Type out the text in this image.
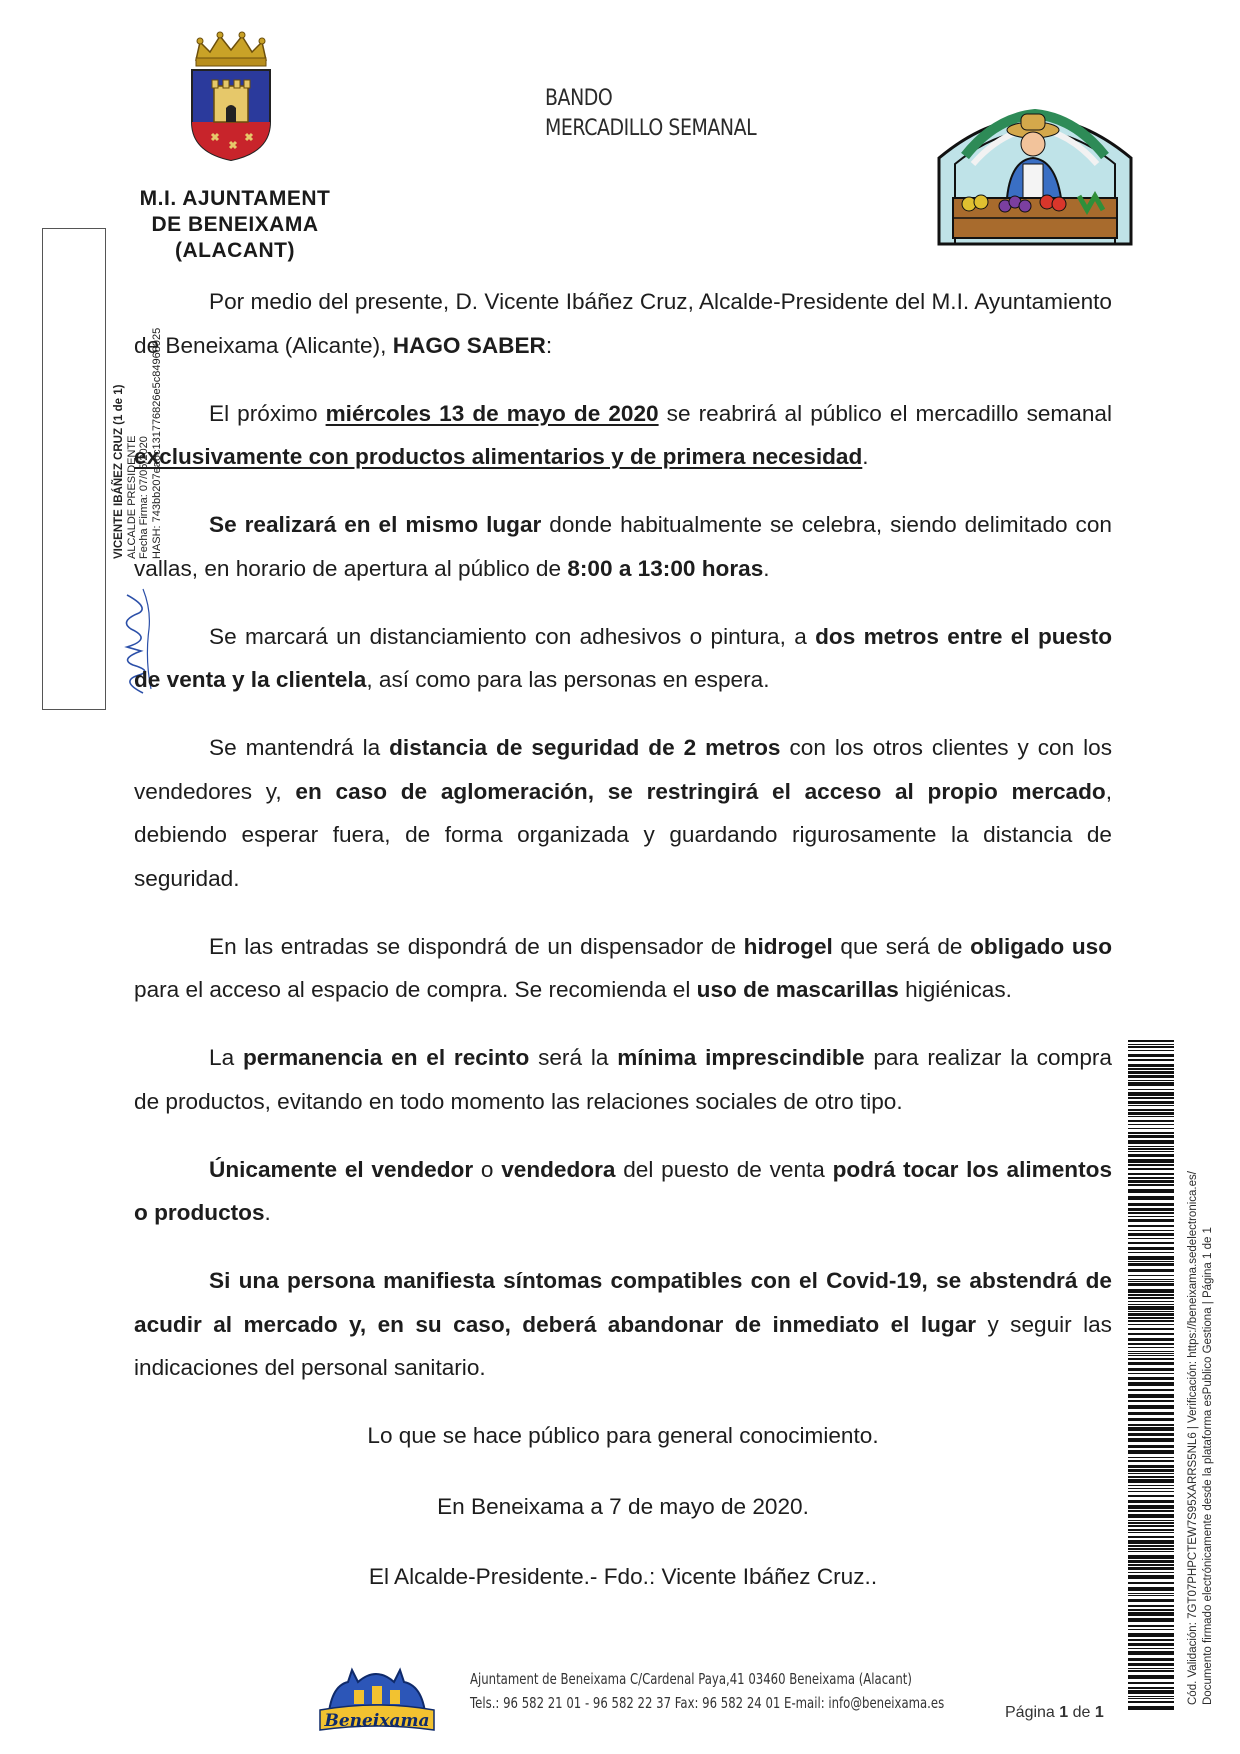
M.I. AJUNTAMENT
DE BENEIXAMA
(ALACANT)
BANDO
MERCADILLO SEMANAL
VICENTE IBÁÑEZ CRUZ (1 de 1) ALCALDE PRESIDENTE Fecha Firma: 07/05/2020 HASH: 743bb207ea6c131776826e5c84968925

Por medio del presente, D. Vicente Ibáñez Cruz, Alcalde-Presidente del M.I. Ayuntamiento de Beneixama (Alicante), HAGO SABER:

El próximo miércoles 13 de mayo de 2020 se reabrirá al público el mercadillo semanal exclusivamente con productos alimentarios y de primera necesidad.

Se realizará en el mismo lugar donde habitualmente se celebra, siendo delimitado con vallas, en horario de apertura al público de 8:00 a 13:00 horas.

Se marcará un distanciamiento con adhesivos o pintura, a dos metros entre el puesto de venta y la clientela, así como para las personas en espera.

Se mantendrá la distancia de seguridad de 2 metros con los otros clientes y con los vendedores y, en caso de aglomeración, se restringirá el acceso al propio mercado, debiendo esperar fuera, de forma organizada y guardando rigurosamente la distancia de seguridad.

En las entradas se dispondrá de un dispensador de hidrogel que será de obligado uso para el acceso al espacio de compra. Se recomienda el uso de mascarillas higiénicas.

La permanencia en el recinto será la mínima imprescindible para realizar la compra de productos, evitando en todo momento las relaciones sociales de otro tipo.

Únicamente el vendedor o vendedora del puesto de venta podrá tocar los alimentos o productos.

Si una persona manifiesta síntomas compatibles con el Covid-19, se abstendrá de acudir al mercado y, en su caso, deberá abandonar de inmediato el lugar y seguir las indicaciones del personal sanitario.

Lo que se hace público para general conocimiento.

En Beneixama a 7 de mayo de 2020.

El Alcalde-Presidente.- Fdo.: Vicente Ibáñez Cruz..	Cód. Validación: 7GT07PHPCTEW7S95XARRS5NL6 | Verificación: https://beneixama.sedelectronica.es/ Documento firmado electrónicamente desde la plataforma esPublico Gestiona | Página 1 de 1
Beneixama
Ajuntament de Beneixama C/Cardenal Paya,41 03460 Beneixama (Alacant)
Tels.: 96 582 21 01 - 96 582 22 37 Fax: 96 582 24 01 E-mail: info@beneixama.es
Página 1 de 1
